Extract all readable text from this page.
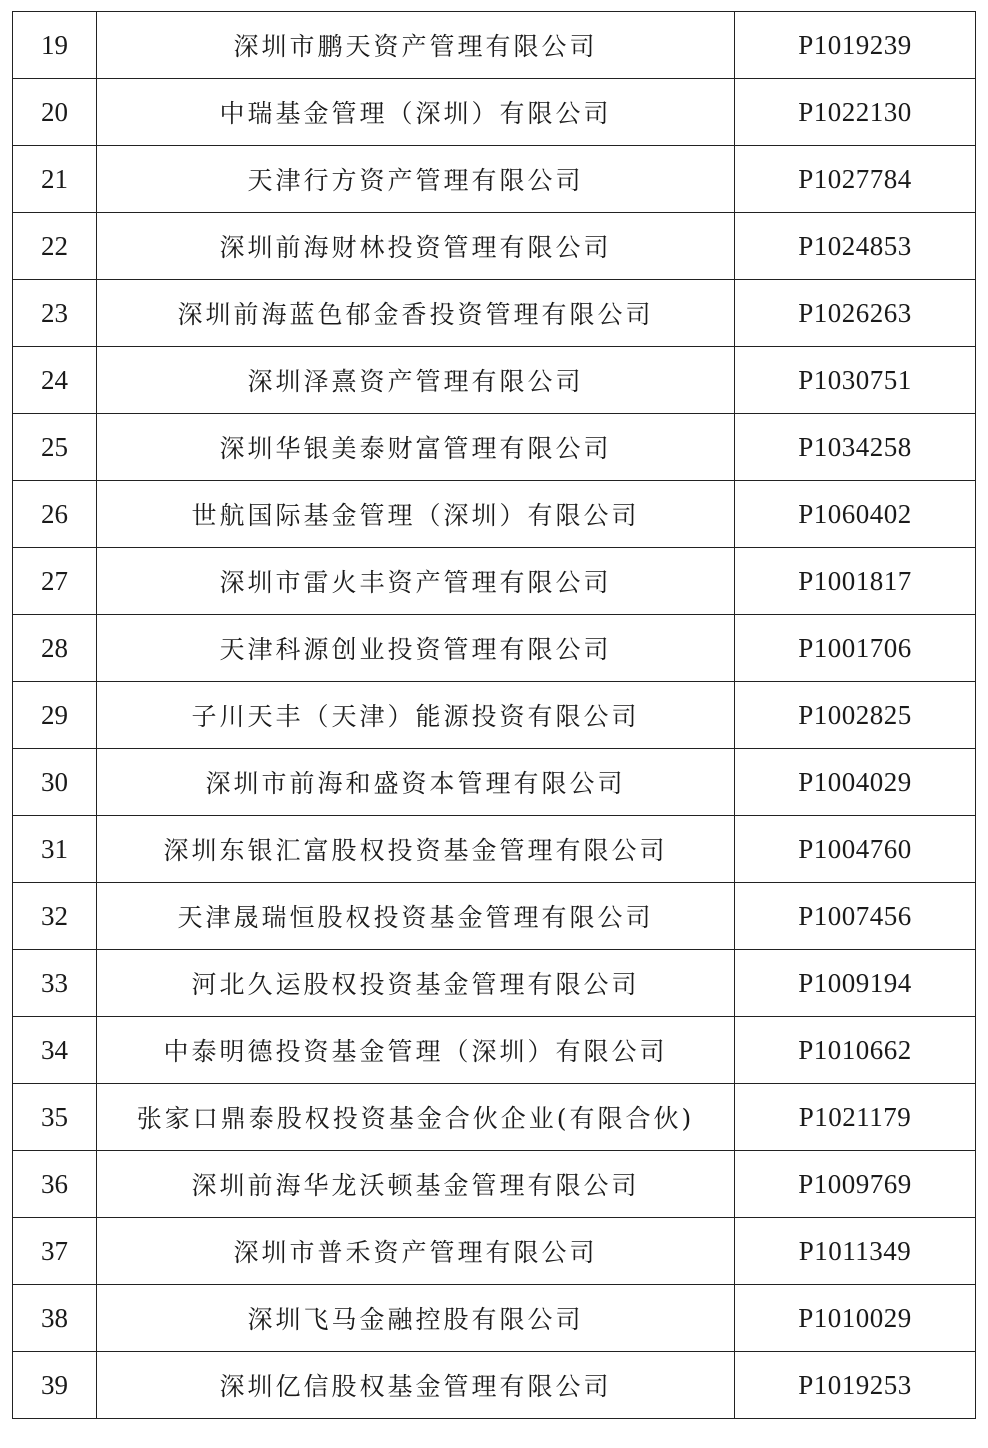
19	深圳市鹏天资产管理有限公司	P1019239
20	中瑞基金管理（深圳）有限公司	P1022130
21	天津行方资产管理有限公司	P1027784
22	深圳前海财林投资管理有限公司	P1024853
23	深圳前海蓝色郁金香投资管理有限公司	P1026263
24	深圳泽熹资产管理有限公司	P1030751
25	深圳华银美泰财富管理有限公司	P1034258
26	世航国际基金管理（深圳）有限公司	P1060402
27	深圳市雷火丰资产管理有限公司	P1001817
28	天津科源创业投资管理有限公司	P1001706
29	子川天丰（天津）能源投资有限公司	P1002825
30	深圳市前海和盛资本管理有限公司	P1004029
31	深圳东银汇富股权投资基金管理有限公司	P1004760
32	天津晟瑞恒股权投资基金管理有限公司	P1007456
33	河北久运股权投资基金管理有限公司	P1009194
34	中泰明德投资基金管理（深圳）有限公司	P1010662
35	张家口鼎泰股权投资基金合伙企业(有限合伙)	P1021179
36	深圳前海华龙沃顿基金管理有限公司	P1009769
37	深圳市普禾资产管理有限公司	P1011349
38	深圳飞马金融控股有限公司	P1010029
39	深圳亿信股权基金管理有限公司	P1019253
